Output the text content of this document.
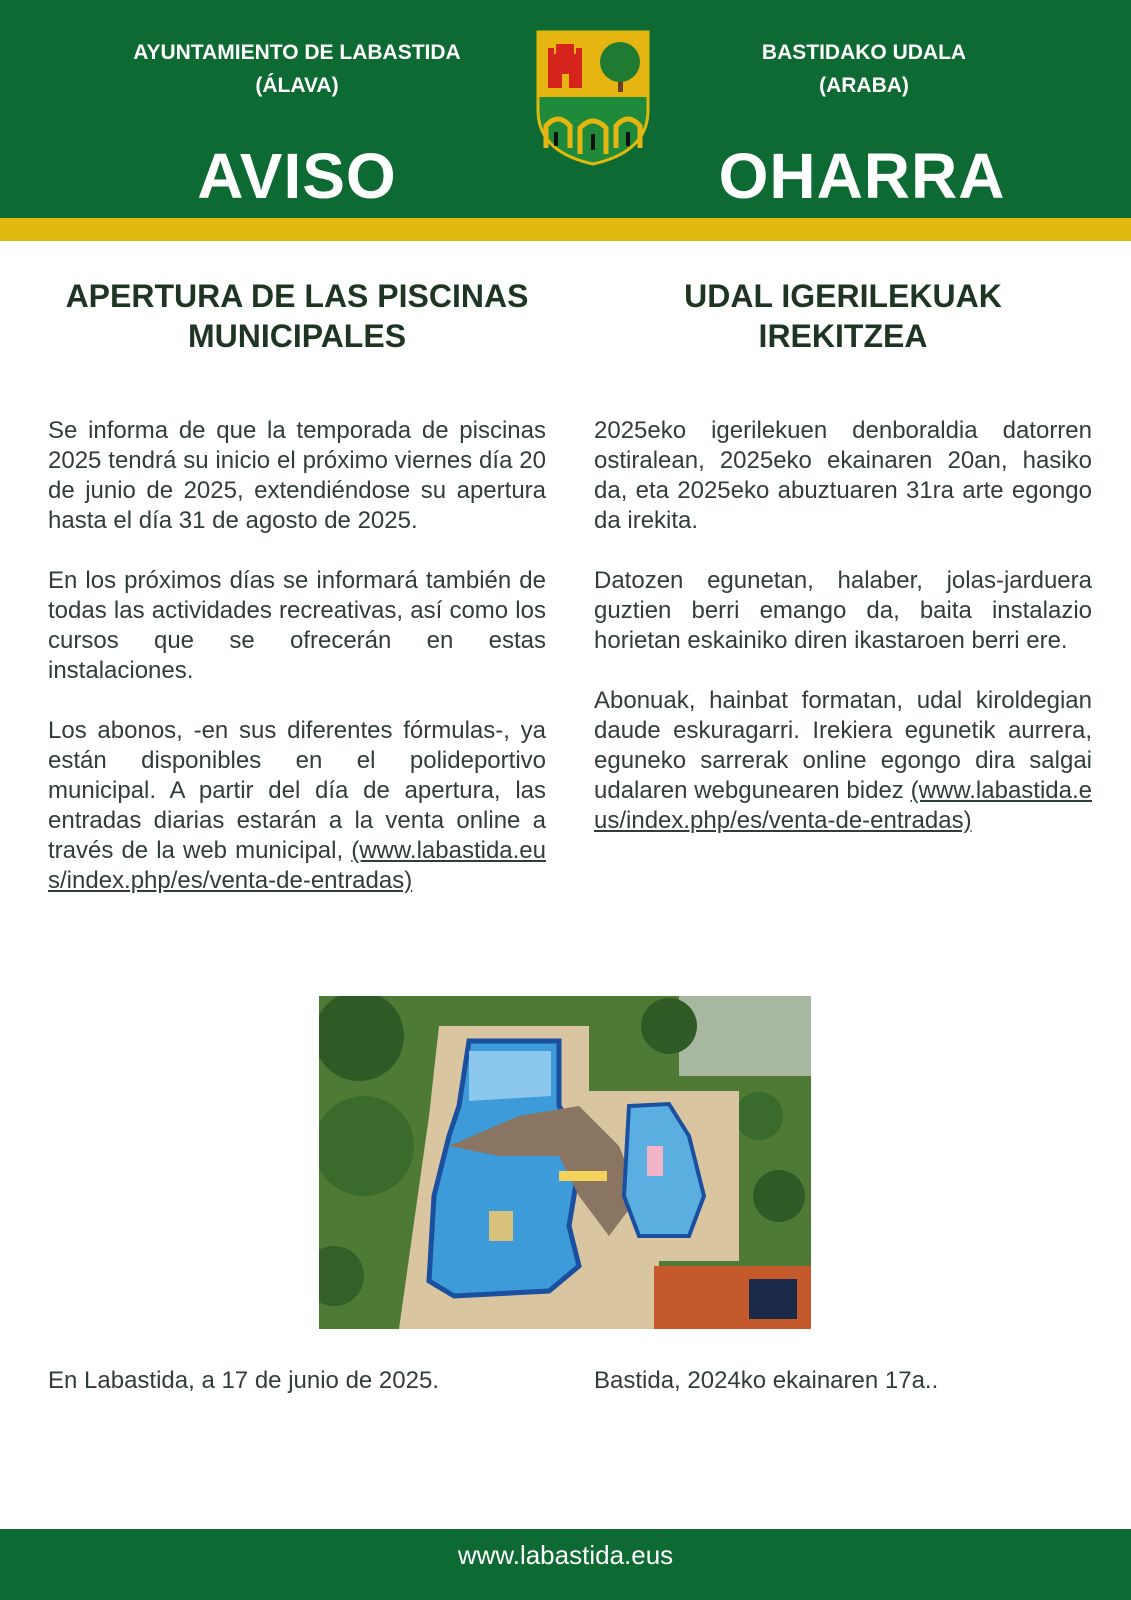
AYUNTAMIENTO DE LABASTIDA
(ÁLAVA)
BASTIDAKO UDALA
(ARABA)
AVISO	OHARRA
APERTURA DE LAS PISCINAS
MUNICIPALES
UDAL IGERILEKUAK
IREKITZEA

Se informa de que la temporada de piscinas 2025 tendrá su inicio el próximo viernes día 20 de junio de 2025, extendiéndose su apertura hasta el día 31 de agosto de 2025.

En los próximos días se informará también de todas las actividades recreativas, así como los cursos que se ofrecerán en estas instalaciones.

Los abonos, -en sus diferentes fórmulas-, ya están disponibles en el polideportivo municipal. A partir del día de apertura, las entradas diarias estarán a la venta online a través de la web municipal, (www.labastida.eus/index.php/es/venta-de-entradas)

2025eko igerilekuen denboraldia datorren ostiralean, 2025eko ekainaren 20an, hasiko da, eta 2025eko abuztuaren 31ra arte egongo da irekita.

Datozen egunetan, halaber, jolas-jarduera guztien berri emango da, baita instalazio horietan eskainiko diren ikastaroen berri ere.

Abonuak, hainbat formatan, udal kiroldegian daude eskuragarri. Irekiera egunetik aurrera, eguneko sarrerak online egongo dira salgai udalaren webgunearen bidez (www.labastida.eus/index.php/es/venta-de-entradas)

En Labastida, a 17 de junio de 2025.	Bastida, 2024ko ekainaren 17a..
www.labastida.eus
